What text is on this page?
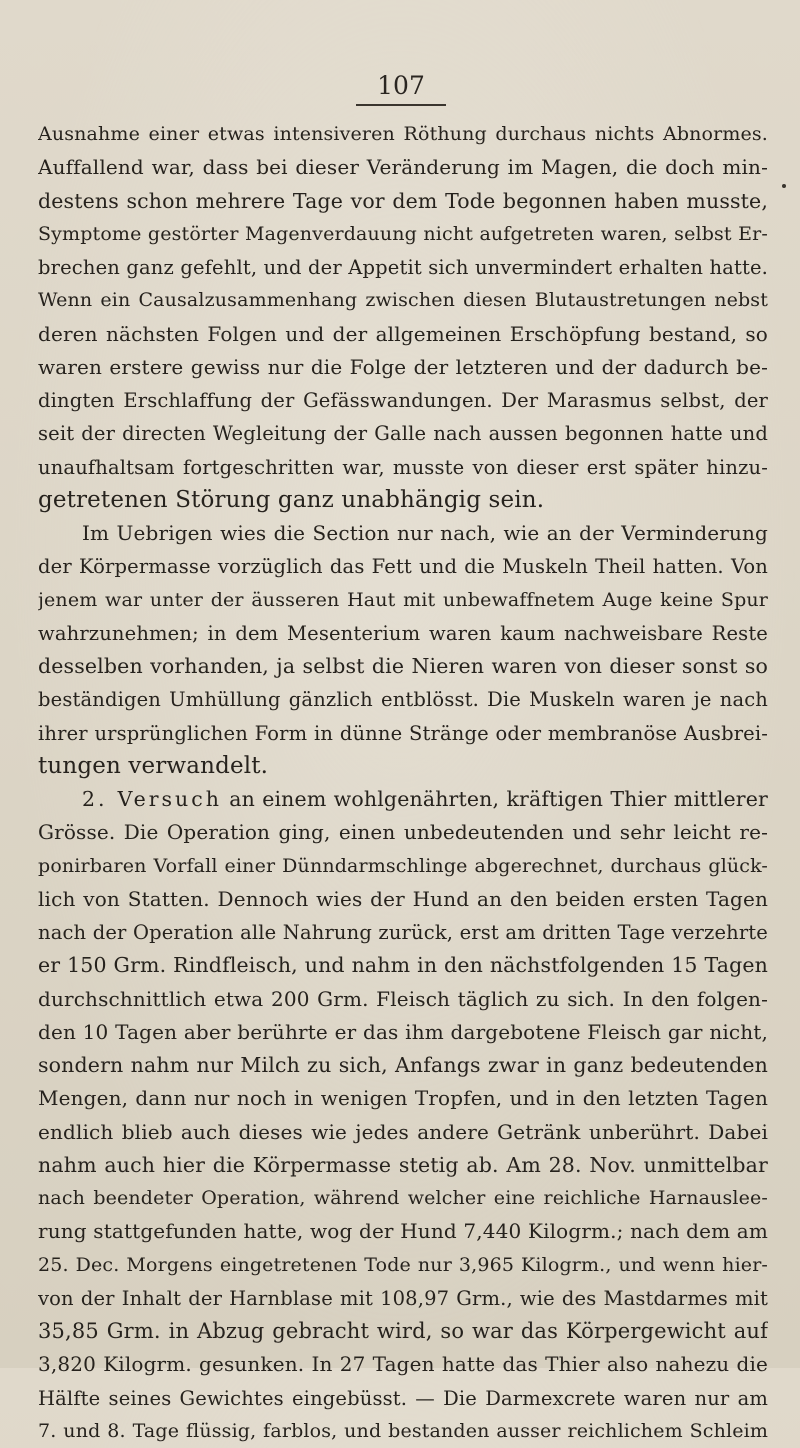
107
Ausnahme einer etwas intensiveren Röthung durchaus nichts Abnormes.
Auffallend war, dass bei dieser Veränderung im Magen, die doch min-
destens schon mehrere Tage vor dem Tode begonnen haben musste,
Symptome gestörter Magenverdauung nicht aufgetreten waren, selbst Er-
brechen ganz gefehlt, und der Appetit sich unvermindert erhalten hatte.
Wenn ein Causalzusammenhang zwischen diesen Blutaustretungen nebst
deren nächsten Folgen und der allgemeinen Erschöpfung bestand, so
waren erstere gewiss nur die Folge der letzteren und der dadurch be-
dingten Erschlaffung der Gefässwandungen. Der Marasmus selbst, der
seit der directen Wegleitung der Galle nach aussen begonnen hatte und
unaufhaltsam fortgeschritten war, musste von dieser erst später hinzu-
getretenen Störung ganz unabhängig sein.
Im Uebrigen wies die Section nur nach, wie an der Verminderung
der Körpermasse vorzüglich das Fett und die Muskeln Theil hatten. Von
jenem war unter der äusseren Haut mit unbewaffnetem Auge keine Spur
wahrzunehmen; in dem Mesenterium waren kaum nachweisbare Reste
desselben vorhanden, ja selbst die Nieren waren von dieser sonst so
beständigen Umhüllung gänzlich entblösst. Die Muskeln waren je nach
ihrer ursprünglichen Form in dünne Stränge oder membranöse Ausbrei-
tungen verwandelt.
2. Versuch an einem wohlgenährten, kräftigen Thier mittlerer
Grösse. Die Operation ging, einen unbedeutenden und sehr leicht re-
ponirbaren Vorfall einer Dünndarmschlinge abgerechnet, durchaus glück-
lich von Statten. Dennoch wies der Hund an den beiden ersten Tagen
nach der Operation alle Nahrung zurück, erst am dritten Tage verzehrte
er 150 Grm. Rindfleisch, und nahm in den nächstfolgenden 15 Tagen
durchschnittlich etwa 200 Grm. Fleisch täglich zu sich. In den folgen-
den 10 Tagen aber berührte er das ihm dargebotene Fleisch gar nicht,
sondern nahm nur Milch zu sich, Anfangs zwar in ganz bedeutenden
Mengen, dann nur noch in wenigen Tropfen, und in den letzten Tagen
endlich blieb auch dieses wie jedes andere Getränk unberührt. Dabei
nahm auch hier die Körpermasse stetig ab. Am 28. Nov. unmittelbar
nach beendeter Operation, während welcher eine reichliche Harnauslee-
rung stattgefunden hatte, wog der Hund 7,440 Kilogrm.; nach dem am
25. Dec. Morgens eingetretenen Tode nur 3,965 Kilogrm., und wenn hier-
von der Inhalt der Harnblase mit 108,97 Grm., wie des Mastdarmes mit
35,85 Grm. in Abzug gebracht wird, so war das Körpergewicht auf
3,820 Kilogrm. gesunken. In 27 Tagen hatte das Thier also nahezu die
Hälfte seines Gewichtes eingebüsst. — Die Darmexcrete waren nur am
7. und 8. Tage flüssig, farblos, und bestanden ausser reichlichem Schleim
